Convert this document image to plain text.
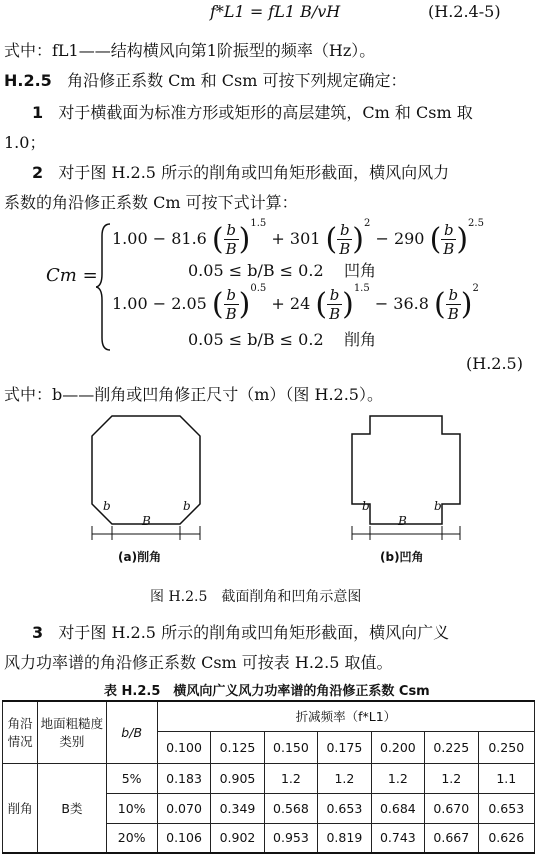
f*L1 = fL1 B/vH	(H.2.4-5)
式中：fL1——结构横风向第1阶振型的频率（Hz）。
H.2.5 角沿修正系数 Cm 和 Csm 可按下列规定确定：
1 对于横截面为标准方形或矩形的高层建筑，Cm 和 Csm 取
1.0；
2 对于图 H.2.5 所示的削角或凹角矩形截面，横风向风力
系数的角沿修正系数 Cm 可按下式计算：
Cm =
1.00 − 81.6 ( $\frac{b}{B} )^{1.5} + 301$ ( $\frac{b}{B} )^2 - 290$ ( $\frac{b}{B} )^{2.5}$
0.05 ≤ b/B ≤ 0.2 凹角
1.00 − 2.05 ( $\frac{b}{B} )^{0.5} + 24$ ( $\frac{b}{B} )^{1.5} - 36.8$ ( $\frac{b}{B} )^2$
0.05 ≤ b/B ≤ 0.2 削角
(H.2.5)
式中：b——削角或凹角修正尺寸（m）（图 H.2.5）。
b
B
b
(a)削角
b
B
b
(b)凹角
图 H.2.5　截面削角和凹角示意图
3 对于图 H.2.5 所示的削角或凹角矩形截面，横风向广义
风力功率谱的角沿修正系数 Csm 可按表 H.2.5 取值。
表 H.2.5　横风向广义风力功率谱的角沿修正系数 Csm
角沿情况	地面粗糙度类别	b/B	折减频率（f*L1）						
			0.100	0.125	0.150	0.175	0.200	0.225	0.250
削角	B类	5%	0.183	0.905	1.2	1.2	1.2	1.2	1.1
		10%	0.070	0.349	0.568	0.653	0.684	0.670	0.653
		20%	0.106	0.902	0.953	0.819	0.743	0.667	0.626
